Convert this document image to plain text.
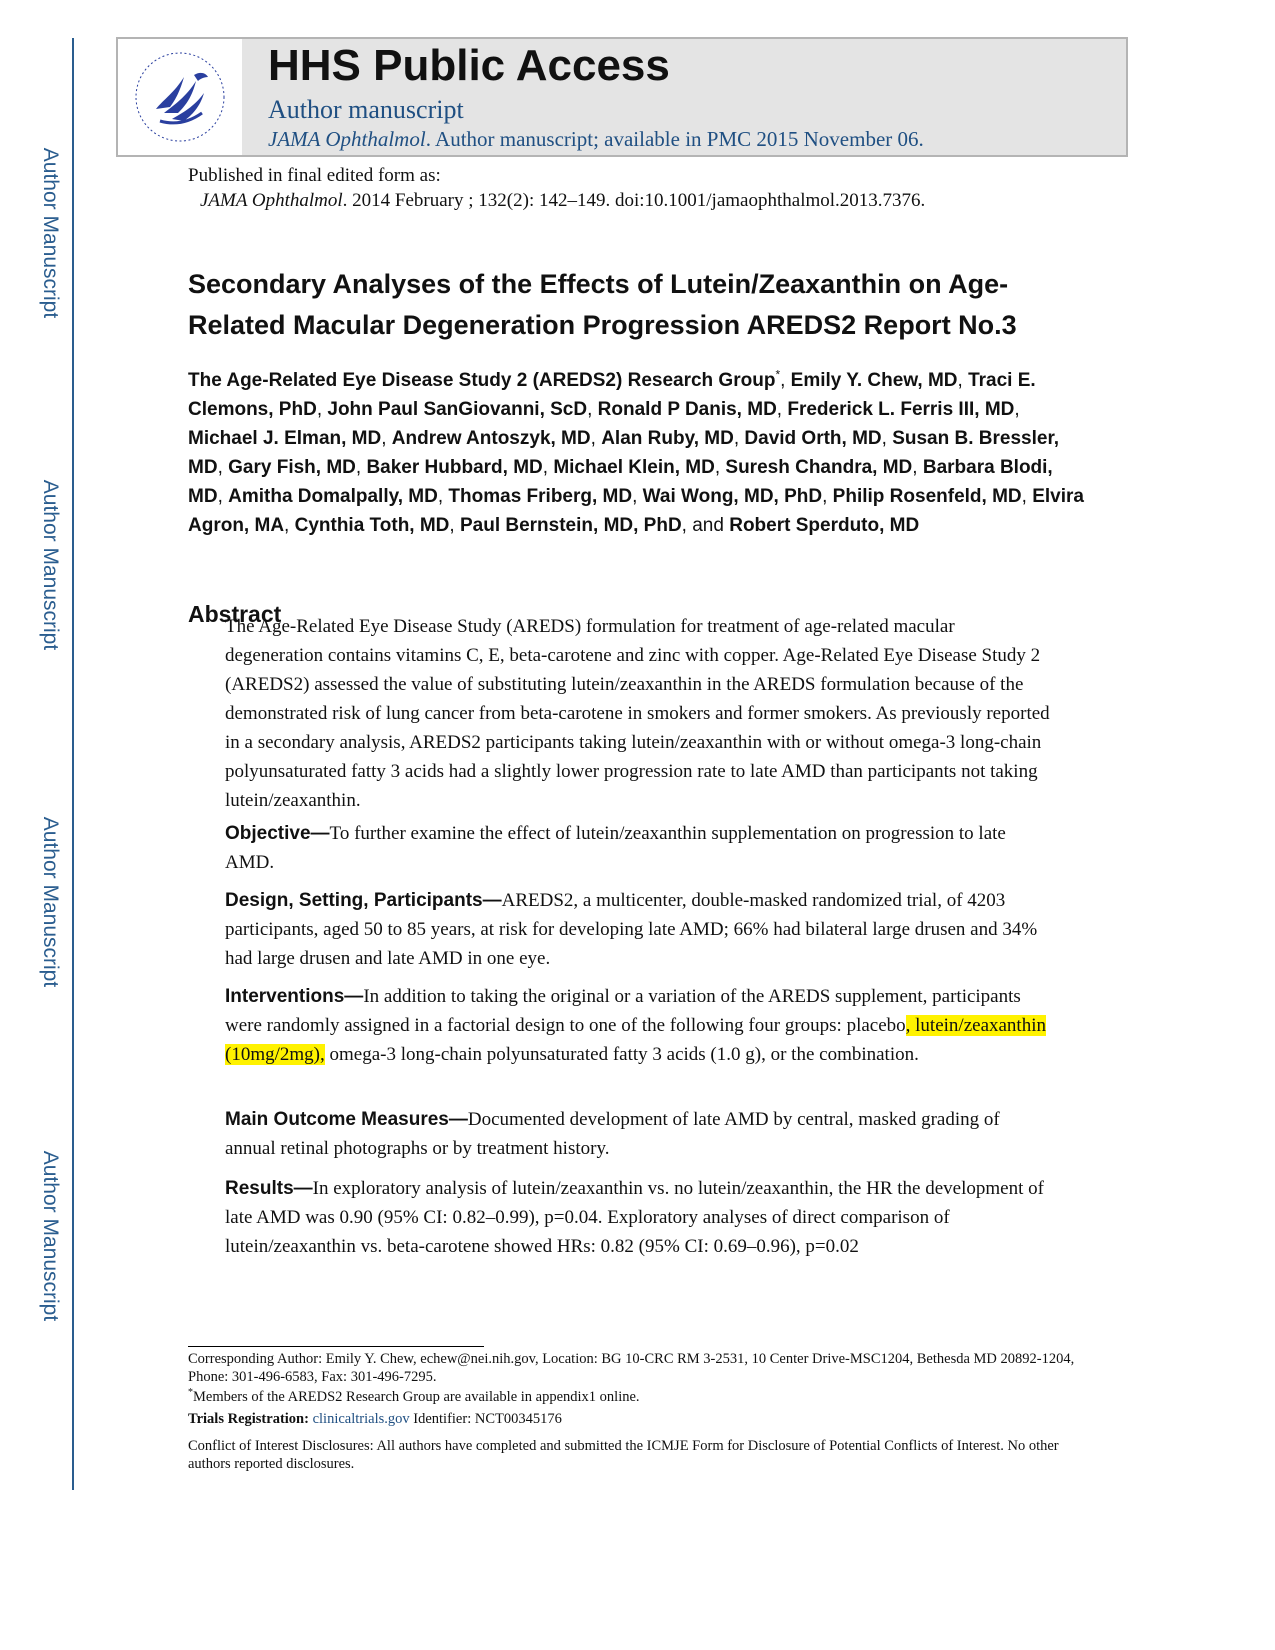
Author Manuscript
Author Manuscript
Author Manuscript
Author Manuscript
HHS Public Access
Author manuscript
JAMA Ophthalmol. Author manuscript; available in PMC 2015 November 06.
Published in final edited form as:
JAMA Ophthalmol. 2014 February ; 132(2): 142–149. doi:10.1001/jamaophthalmol.2013.7376.
Secondary Analyses of the Effects of Lutein/Zeaxanthin on Age-Related Macular Degeneration Progression AREDS2 Report No.3
The Age-Related Eye Disease Study 2 (AREDS2) Research Group*, Emily Y. Chew, MD, Traci E. Clemons, PhD, John Paul SanGiovanni, ScD, Ronald P Danis, MD, Frederick L. Ferris III, MD, Michael J. Elman, MD, Andrew Antoszyk, MD, Alan Ruby, MD, David Orth, MD, Susan B. Bressler, MD, Gary Fish, MD, Baker Hubbard, MD, Michael Klein, MD, Suresh Chandra, MD, Barbara Blodi, MD, Amitha Domalpally, MD, Thomas Friberg, MD, Wai Wong, MD, PhD, Philip Rosenfeld, MD, Elvira Agron, MA, Cynthia Toth, MD, Paul Bernstein, MD, PhD, and Robert Sperduto, MD
Abstract
The Age-Related Eye Disease Study (AREDS) formulation for treatment of age-related macular degeneration contains vitamins C, E, beta-carotene and zinc with copper. Age-Related Eye Disease Study 2 (AREDS2) assessed the value of substituting lutein/zeaxanthin in the AREDS formulation because of the demonstrated risk of lung cancer from beta-carotene in smokers and former smokers. As previously reported in a secondary analysis, AREDS2 participants taking lutein/zeaxanthin with or without omega-3 long-chain polyunsaturated fatty 3 acids had a slightly lower progression rate to late AMD than participants not taking lutein/zeaxanthin.
Objective—To further examine the effect of lutein/zeaxanthin supplementation on progression to late AMD.
Design, Setting, Participants—AREDS2, a multicenter, double-masked randomized trial, of 4203 participants, aged 50 to 85 years, at risk for developing late AMD; 66% had bilateral large drusen and 34% had large drusen and late AMD in one eye.
Interventions—In addition to taking the original or a variation of the AREDS supplement, participants were randomly assigned in a factorial design to one of the following four groups: placebo, lutein/zeaxanthin (10mg/2mg), omega-3 long-chain polyunsaturated fatty 3 acids (1.0 g), or the combination.
Main Outcome Measures—Documented development of late AMD by central, masked grading of annual retinal photographs or by treatment history.
Results—In exploratory analysis of lutein/zeaxanthin vs. no lutein/zeaxanthin, the HR the development of late AMD was 0.90 (95% CI: 0.82–0.99), p=0.04. Exploratory analyses of direct comparison of lutein/zeaxanthin vs. beta-carotene showed HRs: 0.82 (95% CI: 0.69–0.96), p=0.02
Corresponding Author: Emily Y. Chew, echew@nei.nih.gov, Location: BG 10-CRC RM 3-2531, 10 Center Drive-MSC1204, Bethesda MD 20892-1204, Phone: 301-496-6583, Fax: 301-496-7295.
*Members of the AREDS2 Research Group are available in appendix1 online.
Trials Registration: clinicaltrials.gov Identifier: NCT00345176
Conflict of Interest Disclosures: All authors have completed and submitted the ICMJE Form for Disclosure of Potential Conflicts of Interest. No other authors reported disclosures.
